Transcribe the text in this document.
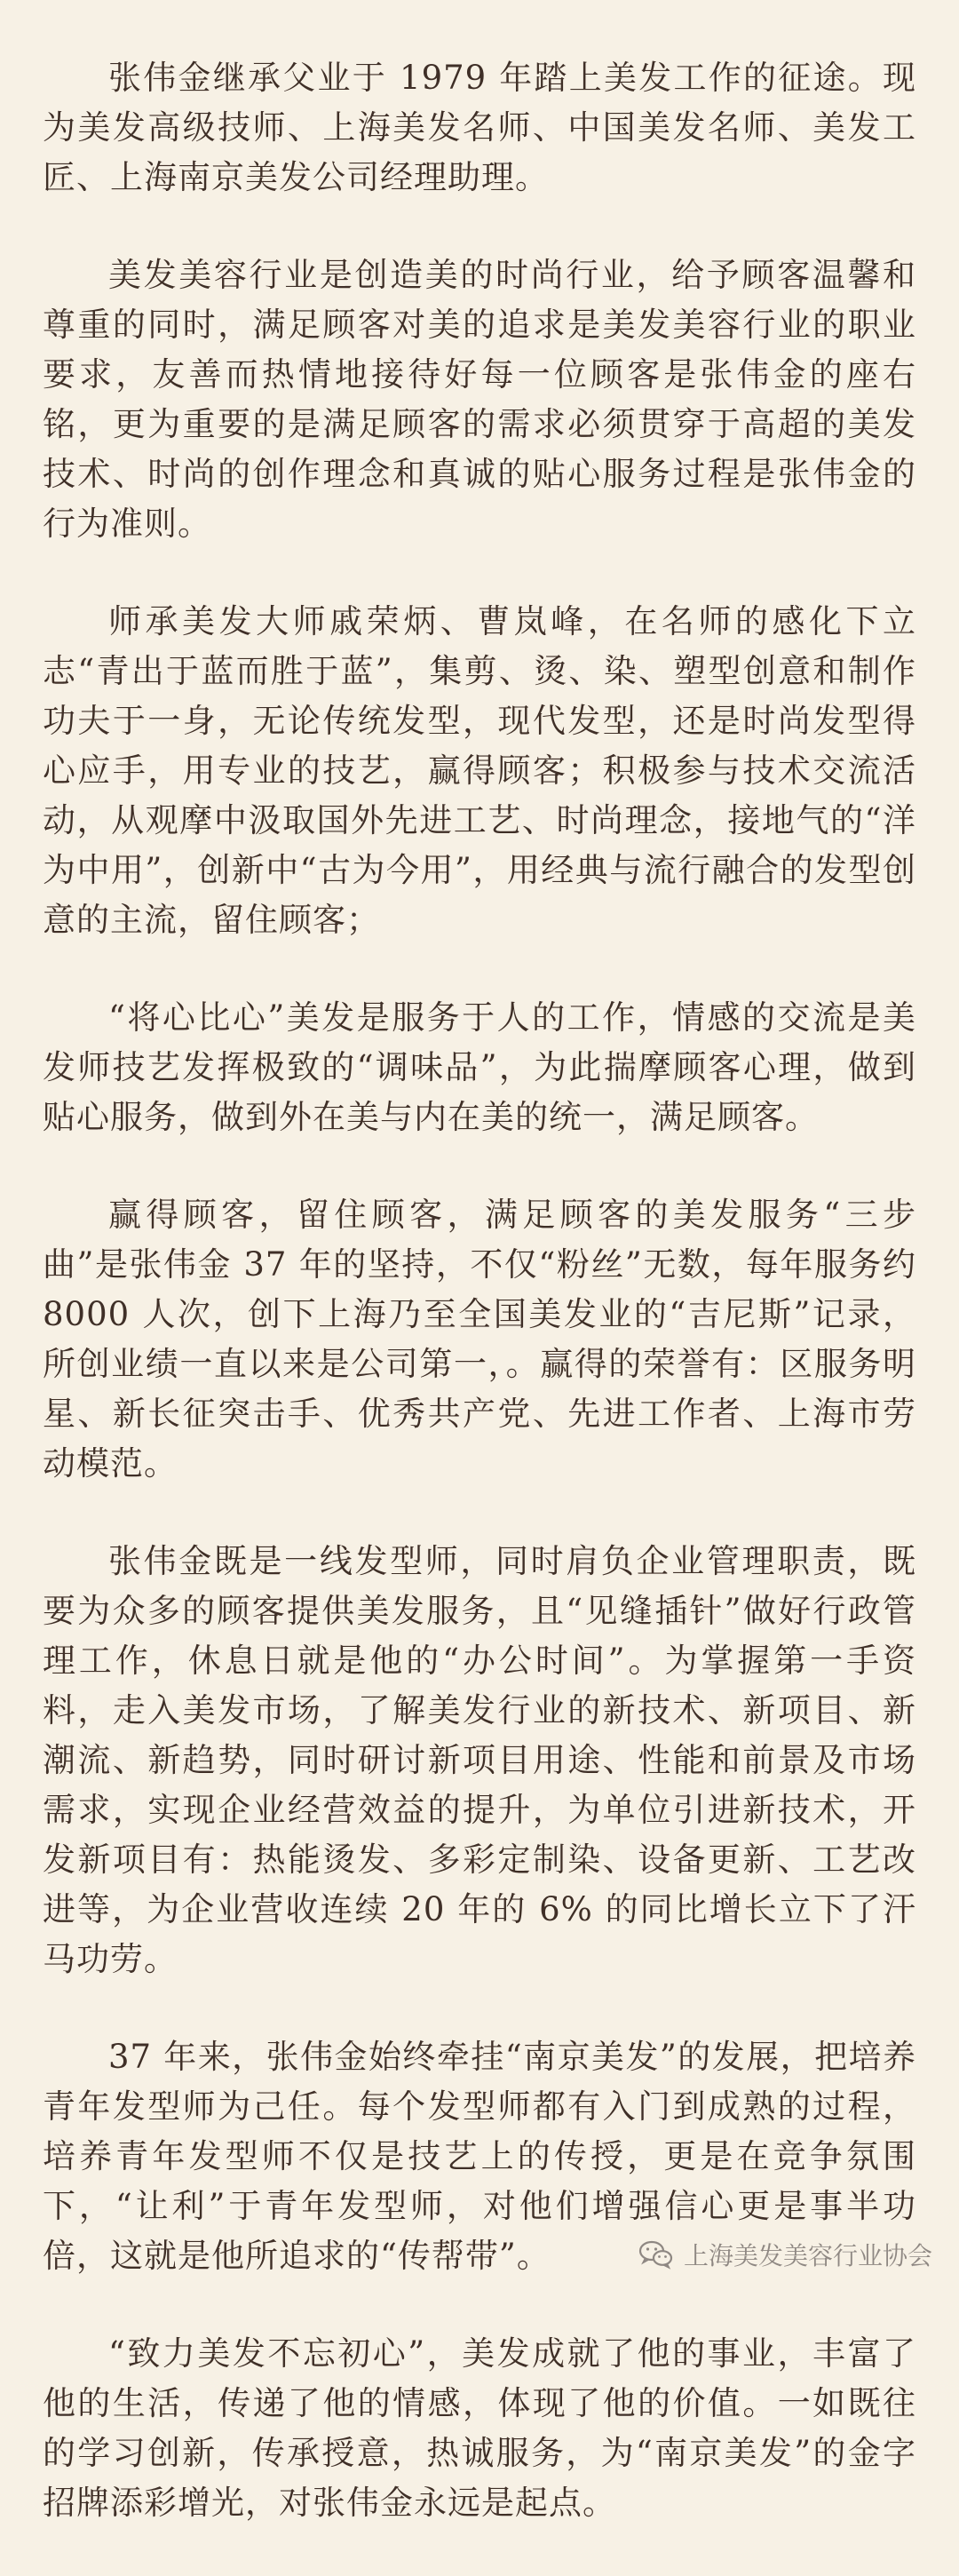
张伟金继承父业于 1979 年踏上美发工作的征途。现为美发高级技师、上海美发名师、中国美发名师、美发工匠、上海南京美发公司经理助理。

美发美容行业是创造美的时尚行业，给予顾客温馨和尊重的同时，满足顾客对美的追求是美发美容行业的职业要求，友善而热情地接待好每一位顾客是张伟金的座右铭，更为重要的是满足顾客的需求必须贯穿于高超的美发技术、时尚的创作理念和真诚的贴心服务过程是张伟金的行为准则。

师承美发大师戚荣炳、曹岚峰，在名师的感化下立志“青出于蓝而胜于蓝”，集剪、烫、染、塑型创意和制作功夫于一身，无论传统发型，现代发型，还是时尚发型得心应手，用专业的技艺，赢得顾客；积极参与技术交流活动，从观摩中汲取国外先进工艺、时尚理念，接地气的“洋为中用”，创新中“古为今用”，用经典与流行融合的发型创意的主流，留住顾客；

“将心比心”美发是服务于人的工作，情感的交流是美发师技艺发挥极致的“调味品”，为此揣摩顾客心理，做到贴心服务，做到外在美与内在美的统一，满足顾客。

赢得顾客，留住顾客，满足顾客的美发服务“三步曲”是张伟金 37 年的坚持，不仅“粉丝”无数，每年服务约 8000 人次，创下上海乃至全国美发业的“吉尼斯”记录，所创业绩一直以来是公司第一，。赢得的荣誉有：区服务明星、新长征突击手、优秀共产党、先进工作者、上海市劳动模范。

张伟金既是一线发型师，同时肩负企业管理职责，既要为众多的顾客提供美发服务，且“见缝插针”做好行政管理工作，休息日就是他的“办公时间”。为掌握第一手资料，走入美发市场，了解美发行业的新技术、新项目、新潮流、新趋势，同时研讨新项目用途、性能和前景及市场需求，实现企业经营效益的提升，为单位引进新技术，开发新项目有：热能烫发、多彩定制染、设备更新、工艺改进等，为企业营收连续 20 年的 6% 的同比增长立下了汗马功劳。

37 年来，张伟金始终牵挂“南京美发”的发展，把培养青年发型师为己任。每个发型师都有入门到成熟的过程，培养青年发型师不仅是技艺上的传授，更是在竞争氛围下，“让利”于青年发型师，对他们增强信心更是事半功倍，这就是他所追求的“传帮带”。

“致力美发不忘初心”，美发成就了他的事业，丰富了他的生活，传递了他的情感，体现了他的价值。一如既往的学习创新，传承授意，热诚服务，为“南京美发”的金字招牌添彩增光，对张伟金永远是起点。

上海美发美容行业协会
